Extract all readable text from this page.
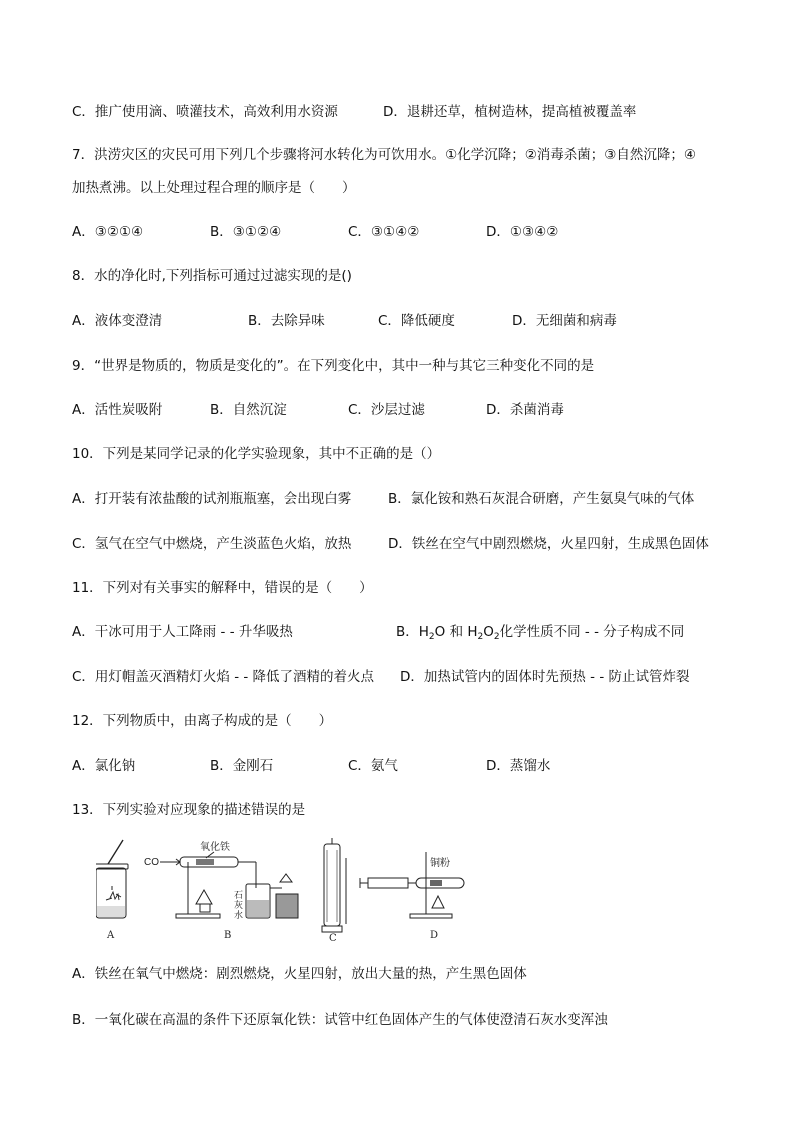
C．推广使用滴、喷灌技术，高效利用水资源	D．退耕还草，植树造林，提高植被覆盖率
7．洪涝灾区的灾民可用下列几个步骤将河水转化为可饮用水。①化学沉降；②消毒杀菌；③自然沉降；④
加热煮沸。以上处理过程合理的顺序是（　　）
A．③②①④	B．③①②④	C．③①④②	D．①③④②
8．水的净化时,下列指标可通过过滤实现的是()
A．液体变澄清	B．去除异味	C．降低硬度	D．无细菌和病毒
9．“世界是物质的，物质是变化的”。在下列变化中，其中一种与其它三种变化不同的是
A．活性炭吸附	B．自然沉淀	C．沙层过滤	D．杀菌消毒
10．下列是某同学记录的化学实验现象，其中不正确的是（）
A．打开装有浓盐酸的试剂瓶瓶塞，会出现白雾	B．氯化铵和熟石灰混合研磨，产生氨臭气味的气体
C．氢气在空气中燃烧，产生淡蓝色火焰，放热	D．铁丝在空气中剧烈燃烧，火星四射，生成黑色固体
11．下列对有关事实的解释中，错误的是（　　）
A．干冰可用于人工降雨 - - 升华吸热	B．$H_2O$ 和 $H_2O_2$化学性质不同 - - 分子构成不同
C．用灯帽盖灭酒精灯火焰 - - 降低了酒精的着火点 D．加热试管内的固体时先预热 - - 防止试管炸裂
12．下列物质中，由离子构成的是（　　）
A．氯化钠	B．金刚石	C．氨气	D．蒸馏水
13．下列实验对应现象的描述错误的是
A
CO
氧化铁
石
灰
水
B	C
铜粉
D
A．铁丝在氧气中燃烧：剧烈燃烧，火星四射，放出大量的热，产生黑色固体
B．一氧化碳在高温的条件下还原氧化铁：试管中红色固体产生的气体使澄清石灰水变浑浊
